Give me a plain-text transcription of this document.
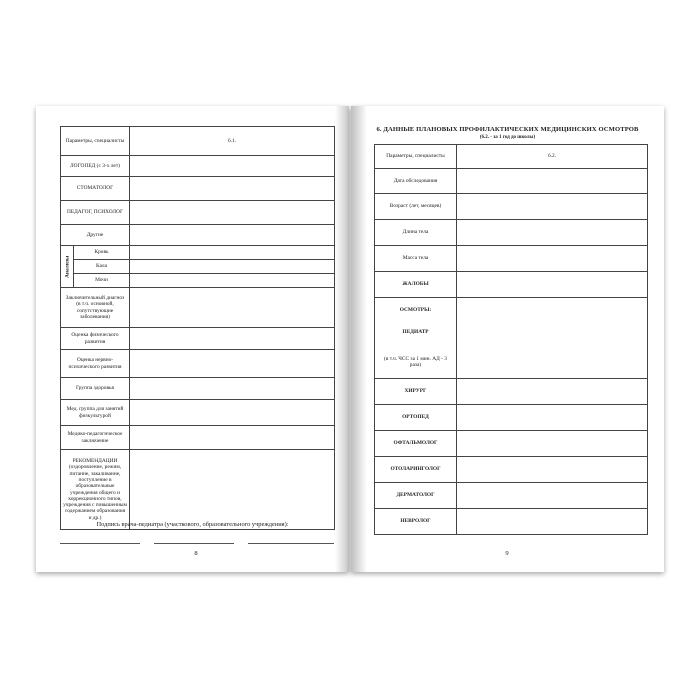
Параметры, специалисты		6.1.
ЛОГОПЕД (с 3-х лет)		
СТОМАТОЛОГ		
ПЕДАГОГ, ПСИХОЛОГ		
Другие		
Анализы	Кровь	
	Кала	
	Мочи	
Заключительный диагноз (в т.ч. основной, сопутствующие заболевания)		
Оценка физического развития		
Оценка нервно-психического развития		
Группа здоровья		
Мед. группа для занятий физкультурой		
Медико-педагогическое заключение		
РЕКОМЕНДАЦИИ (оздоровление, режим, питание, закаливание, поступление в образовательные учреждения общего и коррекционного типов, учреждения с повышенным содержанием образования и др.)		
Подпись врача-педиатра (участкового, образовательного учреждения):
8
6. ДАННЫЕ ПЛАНОВЫХ ПРОФИЛАКТИЧЕСКИХ МЕДИЦИНСКИХ ОСМОТРОВ
(6.2. - за 1 год до школы)
Параметры, специалисты	6.2.
Дата обследования	
Возраст (лет, месяцев)	
Длина тела	
Масса тела	
ЖАЛОБЫ	

ОСМОТРЫ:
ПЕДИАТР
(в т.ч. ЧСС за 1 мин. АД - 3 раза)	

ХИРУРГ	
ОРТОПЕД	
ОФТАЛЬМОЛОГ	
ОТОЛАРИНГОЛОГ	
ДЕРМАТОЛОГ	
НЕВРОЛОГ	
9
